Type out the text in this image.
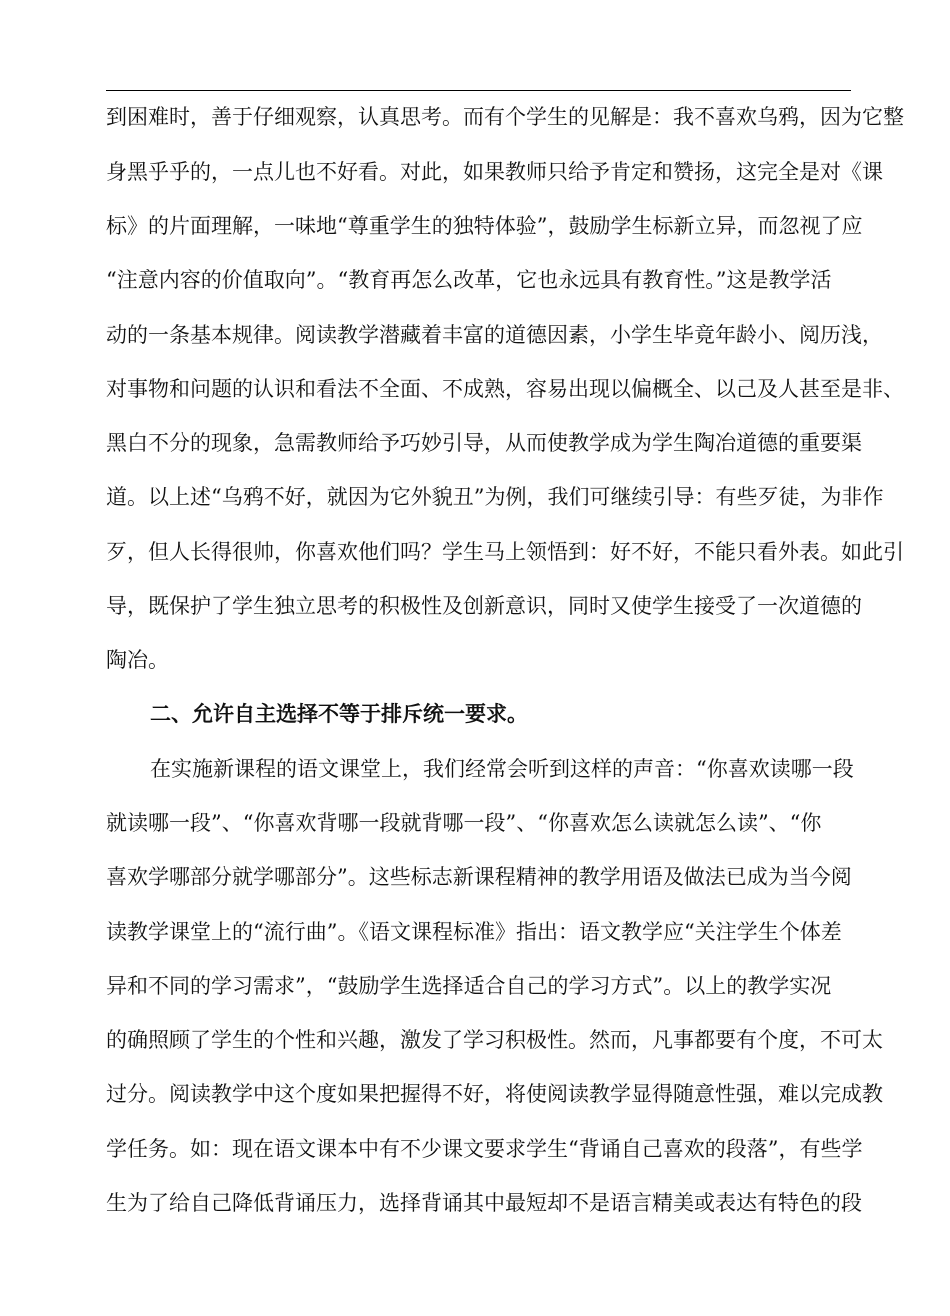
到困难时，善于仔细观察，认真思考。而有个学生的见解是：我不喜欢乌鸦，因为它整
身黑乎乎的，一点儿也不好看。对此，如果教师只给予肯定和赞扬，这完全是对《课
标》的片面理解，一味地“尊重学生的独特体验”，鼓励学生标新立异，而忽视了应
“注意内容的价值取向”。“教育再怎么改革，它也永远具有教育性。”这是教学活
动的一条基本规律。阅读教学潜藏着丰富的道德因素，小学生毕竟年龄小、阅历浅，
对事物和问题的认识和看法不全面、不成熟，容易出现以偏概全、以己及人甚至是非、
黑白不分的现象，急需教师给予巧妙引导，从而使教学成为学生陶冶道德的重要渠
道。以上述“乌鸦不好，就因为它外貌丑”为例，我们可继续引导：有些歹徒，为非作
歹，但人长得很帅，你喜欢他们吗？学生马上领悟到：好不好，不能只看外表。如此引
导，既保护了学生独立思考的积极性及创新意识，同时又使学生接受了一次道德的
陶冶。
二、允许自主选择不等于排斥统一要求。
在实施新课程的语文课堂上，我们经常会听到这样的声音：“你喜欢读哪一段
就读哪一段”、“你喜欢背哪一段就背哪一段”、“你喜欢怎么读就怎么读”、“你
喜欢学哪部分就学哪部分”。这些标志新课程精神的教学用语及做法已成为当今阅
读教学课堂上的“流行曲”。《语文课程标准》指出：语文教学应“关注学生个体差
异和不同的学习需求”，“鼓励学生选择适合自己的学习方式”。以上的教学实况
的确照顾了学生的个性和兴趣，激发了学习积极性。然而，凡事都要有个度，不可太
过分。阅读教学中这个度如果把握得不好，将使阅读教学显得随意性强，难以完成教
学任务。如：现在语文课本中有不少课文要求学生“背诵自己喜欢的段落”，有些学
生为了给自己降低背诵压力，选择背诵其中最短却不是语言精美或表达有特色的段
